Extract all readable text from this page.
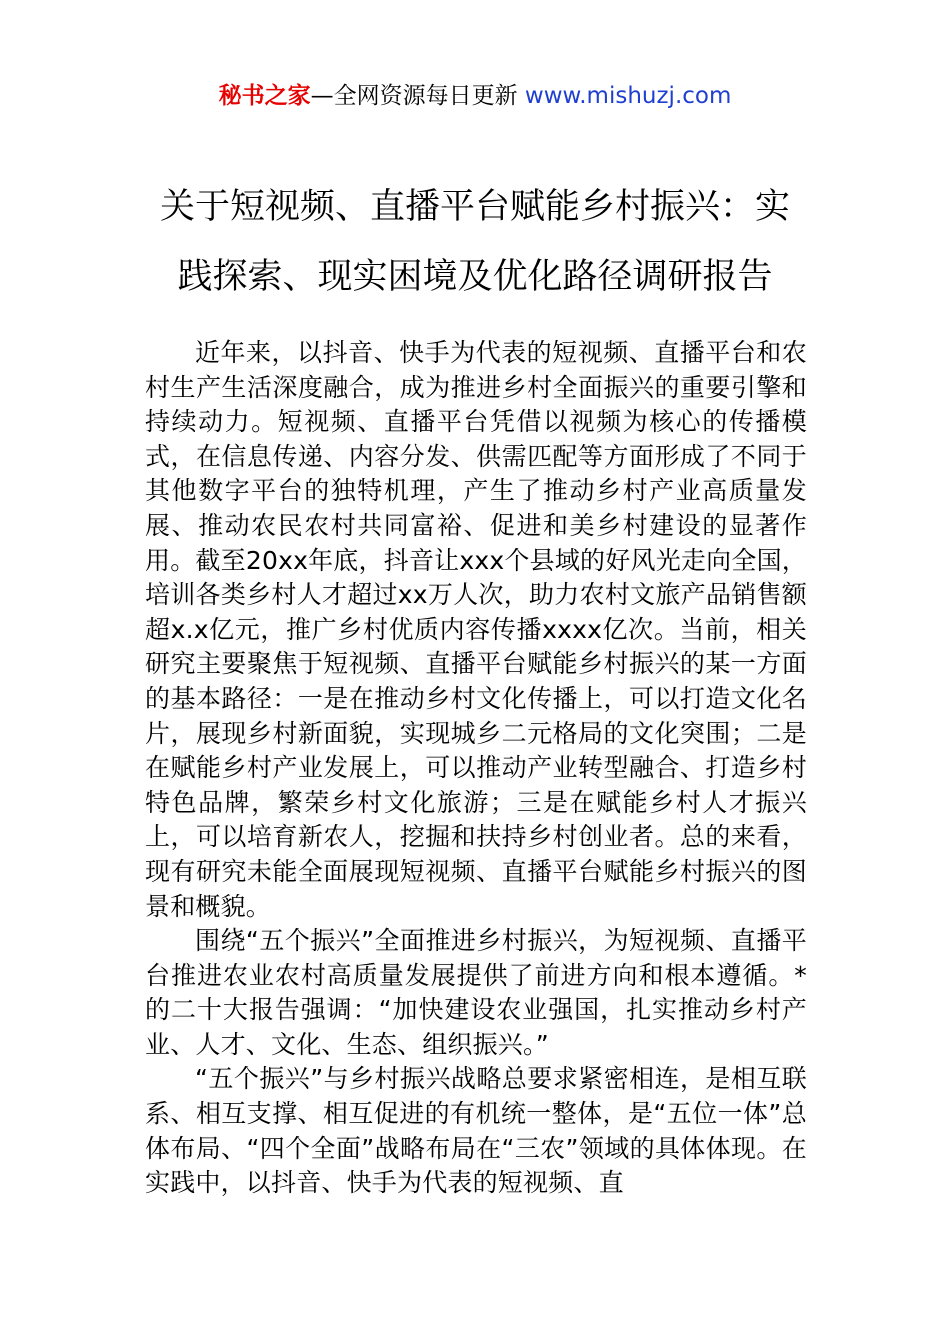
秘书之家—全网资源每日更新 www.mishuzj.com
关于短视频、直播平台赋能乡村振兴：实
践探索、现实困境及优化路径调研报告

近年来，以抖音、快手为代表的短视频、直播平台和农村生产生活深度融合，成为推进乡村全面振兴的重要引擎和持续动力。短视频、直播平台凭借以视频为核心的传播模式，在信息传递、内容分发、供需匹配等方面形成了不同于其他数字平台的独特机理，产生了推动乡村产业高质量发展、推动农民农村共同富裕、促进和美乡村建设的显著作用。截至20xx年底，抖音让xxx个县域的好风光走向全国，培训各类乡村人才超过xx万人次，助力农村文旅产品销售额超x.x亿元，推广乡村优质内容传播xxxx亿次。当前，相关研究主要聚焦于短视频、直播平台赋能乡村振兴的某一方面的基本路径：一是在推动乡村文化传播上，可以打造文化名片，展现乡村新面貌，实现城乡二元格局的文化突围；二是在赋能乡村产业发展上，可以推动产业转型融合、打造乡村特色品牌，繁荣乡村文化旅游；三是在赋能乡村人才振兴上，可以培育新农人，挖掘和扶持乡村创业者。总的来看，现有研究未能全面展现短视频、直播平台赋能乡村振兴的图景和概貌。

围绕“五个振兴”全面推进乡村振兴，为短视频、直播平台推进农业农村高质量发展提供了前进方向和根本遵循。*的二十大报告强调：“加快建设农业强国，扎实推动乡村产业、人才、文化、生态、组织振兴。”

“五个振兴”与乡村振兴战略总要求紧密相连，是相互联系、相互支撑、相互促进的有机统一整体，是“五位一体”总体布局、“四个全面”战略布局在“三农”领域的具体体现。在实践中，以抖音、快手为代表的短视频、直
